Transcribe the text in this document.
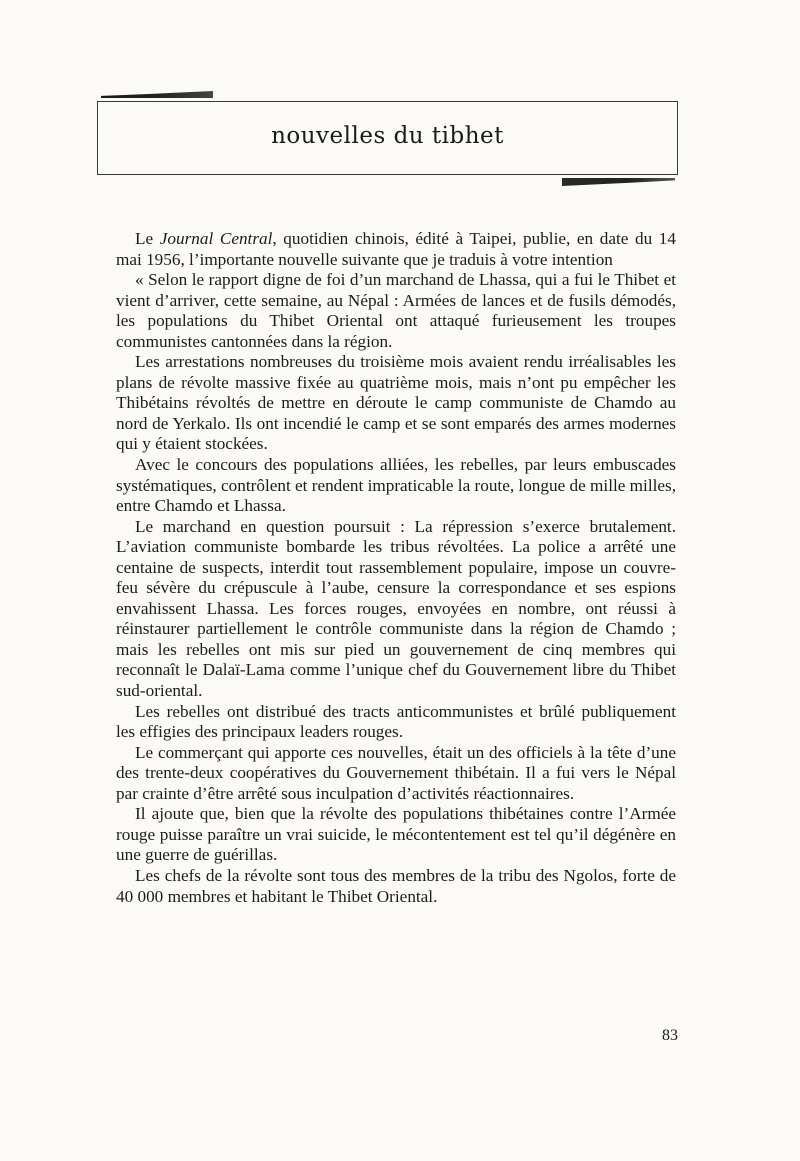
nouvelles du tibhet

Le Journal Central, quotidien chinois, édité à Taipei, publie, en date du 14 mai 1956, l’importante nouvelle suivante que je traduis à votre intention

« Selon le rapport digne de foi d’un marchand de Lhassa, qui a fui le Thibet et vient d’arriver, cette semaine, au Népal : Armées de lances et de fusils démodés, les populations du Thibet Oriental ont attaqué furieusement les troupes communistes cantonnées dans la région.

Les arrestations nombreuses du troisième mois avaient rendu irréalisables les plans de révolte massive fixée au quatrième mois, mais n’ont pu empêcher les Thibétains révoltés de mettre en déroute le camp communiste de Chamdo au nord de Yerkalo. Ils ont incendié le camp et se sont emparés des armes modernes qui y étaient stockées.

Avec le concours des populations alliées, les rebelles, par leurs embuscades systématiques, contrôlent et rendent impraticable la route, longue de mille milles, entre Chamdo et Lhassa.

Le marchand en question poursuit : La répression s’exerce brutalement. L’aviation communiste bombarde les tribus révoltées. La police a arrêté une centaine de suspects, interdit tout rassemblement populaire, impose un couvre-feu sévère du crépuscule à l’aube, censure la correspondance et ses espions envahissent Lhassa. Les forces rouges, envoyées en nombre, ont réussi à réinstaurer partiellement le contrôle communiste dans la région de Chamdo ; mais les rebelles ont mis sur pied un gouvernement de cinq membres qui reconnaît le Dalaï-Lama comme l’unique chef du Gouvernement libre du Thibet sud-oriental.

Les rebelles ont distribué des tracts anticommunistes et brûlé publiquement les effigies des principaux leaders rouges.

Le commerçant qui apporte ces nouvelles, était un des officiels à la tête d’une des trente-deux coopératives du Gouvernement thibétain. Il a fui vers le Népal par crainte d’être arrêté sous inculpation d’activités réactionnaires.

Il ajoute que, bien que la révolte des populations thibétaines contre l’Armée rouge puisse paraître un vrai suicide, le mécontentement est tel qu’il dégénère en une guerre de guérillas.

Les chefs de la révolte sont tous des membres de la tribu des Ngolos, forte de 40 000 membres et habitant le Thibet Oriental.

83
